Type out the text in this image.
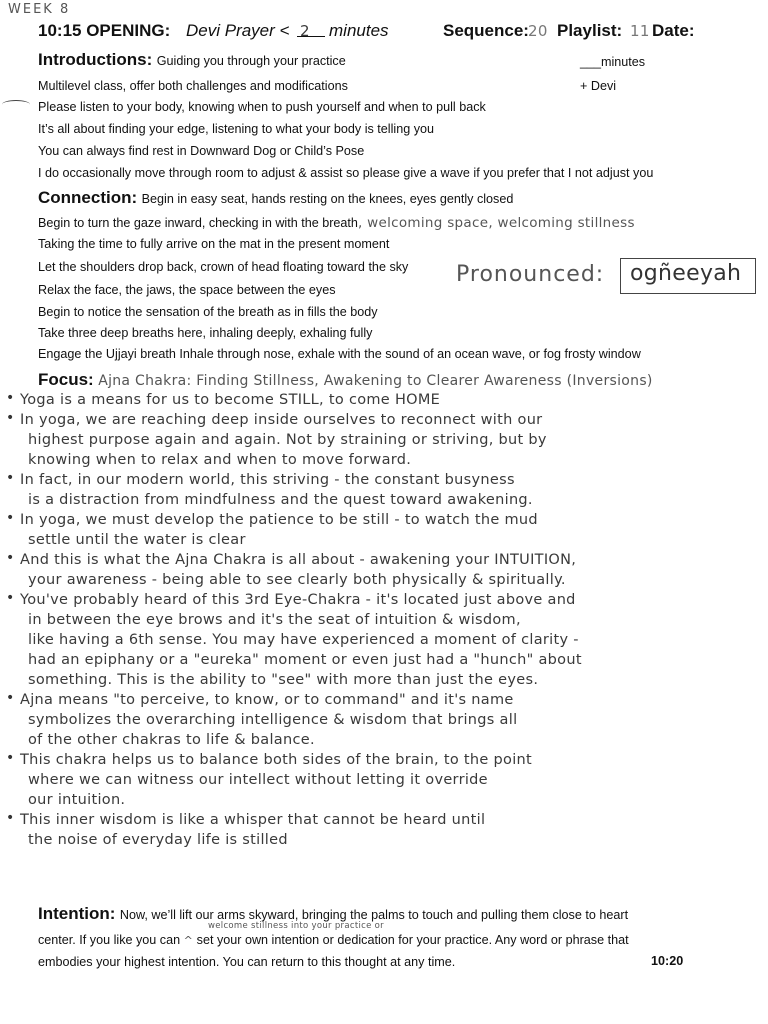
WEEK 8
10:15 OPENING: Devi Prayer < 2 minutes	Sequence: 20 Playlist: 11 Date:
Introductions: Guiding you through your practice	___minutes
+ Devi
Multilevel class, offer both challenges and modifications
Please listen to your body, knowing when to push yourself and when to pull back
It’s all about finding your edge, listening to what your body is telling you
You can always find rest in Downward Dog or Child’s Pose
I do occasionally move through room to adjust & assist so please give a wave if you prefer that I not adjust you
Connection: Begin in easy seat, hands resting on the knees, eyes gently closed
Begin to turn the gaze inward, checking in with the breath, welcoming space, welcoming stillness
Taking the time to fully arrive on the mat in the present moment
Let the shoulders drop back, crown of head floating toward the sky
Relax the face, the jaws, the space between the eyes
Begin to notice the sensation of the breath as in fills the body
Take three deep breaths here, inhaling deeply, exhaling fully
Engage the Ujjayi breath Inhale through nose, exhale with the sound of an ocean wave, or fog frosty window
Pronounced: ogñeeyah
Focus: Ajna Chakra: Finding Stillness, Awakening to Clearer Awareness (Inversions)
• Yoga is a means for us to become STILL, to come HOME
• In yoga, we are reaching deep inside ourselves to reconnect with our
highest purpose again and again. Not by straining or striving, but by
knowing when to relax and when to move forward.
• In fact, in our modern world, this striving - the constant busyness
is a distraction from mindfulness and the quest toward awakening.
• In yoga, we must develop the patience to be still - to watch the mud
settle until the water is clear
• And this is what the Ajna Chakra is all about - awakening your INTUITION,
your awareness - being able to see clearly both physically & spiritually.
• You've probably heard of this 3rd Eye-Chakra - it's located just above and
in between the eye brows and it's the seat of intuition & wisdom,
like having a 6th sense. You may have experienced a moment of clarity -
had an epiphany or a "eureka" moment or even just had a "hunch" about
something. This is the ability to "see" with more than just the eyes.
• Ajna means "to perceive, to know, or to command" and it's name
symbolizes the overarching intelligence & wisdom that brings all
of the other chakras to life & balance.
• This chakra helps us to balance both sides of the brain, to the point
where we can witness our intellect without letting it override
our intuition.
• This inner wisdom is like a whisper that cannot be heard until
the noise of everyday life is stilled
Intention: Now, we’ll lift our arms skyward, bringing the palms to touch and pulling them close to heart
welcome stillness into your practice or
center. If you like you can ^ set your own intention or dedication for your practice. Any word or phrase that
embodies your highest intention. You can return to this thought at any time.	10:20
